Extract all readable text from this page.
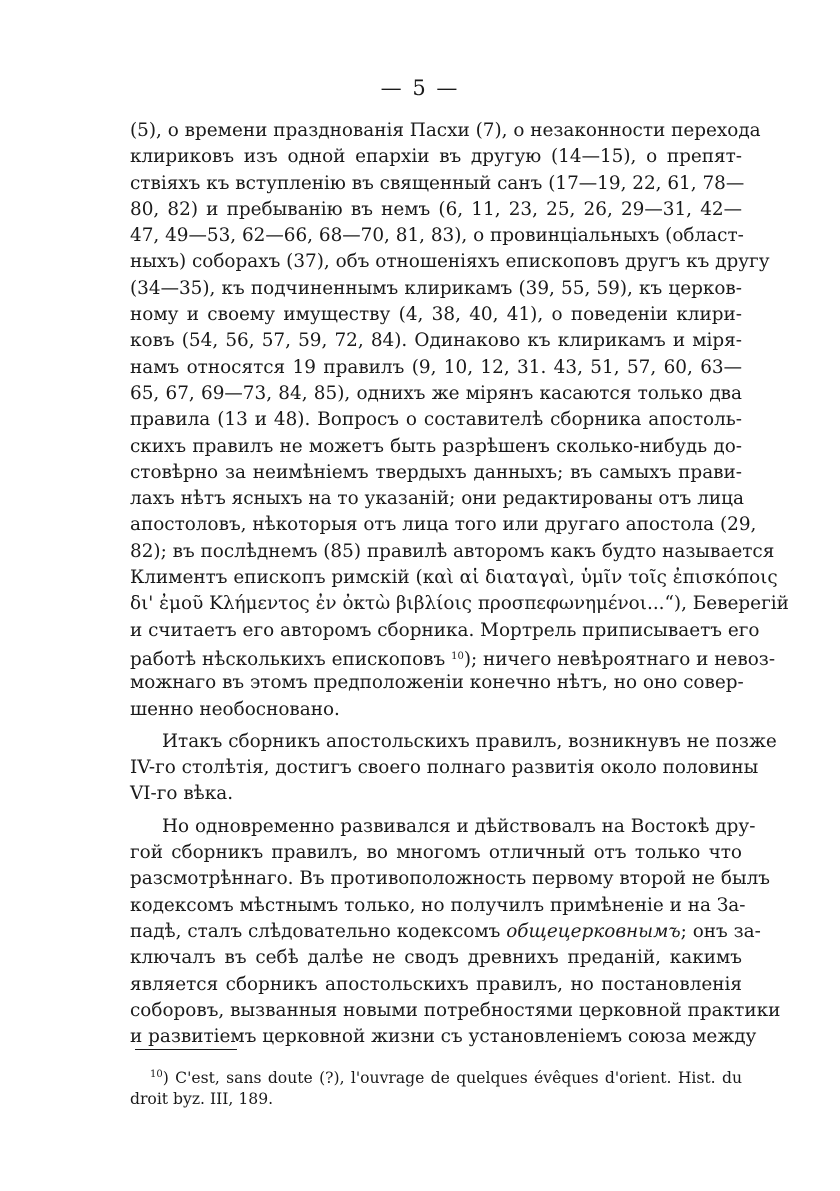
— 5 —
(5), о времени празднованія Пасхи (7), о незаконности перехода
клириковъ изъ одной епархіи въ другую (14—15), о препят-
ствіяхъ къ вступленію въ священный санъ (17—19, 22, 61, 78—
80, 82) и пребыванію въ немъ (6, 11, 23, 25, 26, 29—31, 42—
47, 49—53, 62—66, 68—70, 81, 83), о провинціальныхъ (област-
ныхъ) соборахъ (37), объ отношеніяхъ епископовъ другъ къ другу
(34—35), къ подчиненнымъ клирикамъ (39, 55, 59), къ церков-
ному и своему имуществу (4, 38, 40, 41), о поведеніи клири-
ковъ (54, 56, 57, 59, 72, 84). Одинаково къ клирикамъ и міря-
намъ относятся 19 правилъ (9, 10, 12, 31. 43, 51, 57, 60, 63—
65, 67, 69—73, 84, 85), однихъ же мірянъ касаются только два
правила (13 и 48). Вопросъ о составителѣ сборника апостоль-
скихъ правилъ не можетъ быть разрѣшенъ сколько-нибудь до-
стовѣрно за неимѣніемъ твердыхъ данныхъ; въ самыхъ прави-
лахъ нѣтъ ясныхъ на то указаній; они редактированы отъ лица
апостоловъ, нѣкоторыя отъ лица того или другаго апостола (29,
82); въ послѣднемъ (85) правилѣ авторомъ какъ будто называется
Климентъ епископъ римскій (καὶ αἱ διαταγαὶ, ὑμῖν τοῖς ἐπισκόποις
δι' ἐμοῦ Κλήμεντος ἐν ὀκτὼ βιβλίοις προσπεφωνημένοι...“), Беверегій
и считаетъ его авторомъ сборника. Мортрель приписываетъ его
работѣ нѣсколькихъ епископовъ $^{10}$); ничего невѣроятнаго и невоз-
можнаго въ этомъ предположеніи конечно нѣтъ, но оно совер-
шенно необосновано.
Итакъ сборникъ апостольскихъ правилъ, возникнувъ не позже
IV-го столѣтія, достигъ своего полнаго развитія около половины
VI-го вѣка.
Но одновременно развивался и дѣйствовалъ на Востокѣ дру-
гой сборникъ правилъ, во многомъ отличный отъ только что
разсмотрѣннаго. Въ противоположность первому второй не былъ
кодексомъ мѣстнымъ только, но получилъ примѣненіе и на За-
падѣ, сталъ слѣдовательно кодексомъ общецерковнымъ; онъ за-
ключалъ въ себѣ далѣе не сводъ древнихъ преданій, какимъ
является сборникъ апостольскихъ правилъ, но постановленія
соборовъ, вызванныя новыми потребностями церковной практики
и развитіемъ церковной жизни съ установленіемъ союза между
$^{10}$) C'est, sans doute (?), l'ouvrage de quelques évêques d'orient. Hist. du
droit byz. III, 189.
